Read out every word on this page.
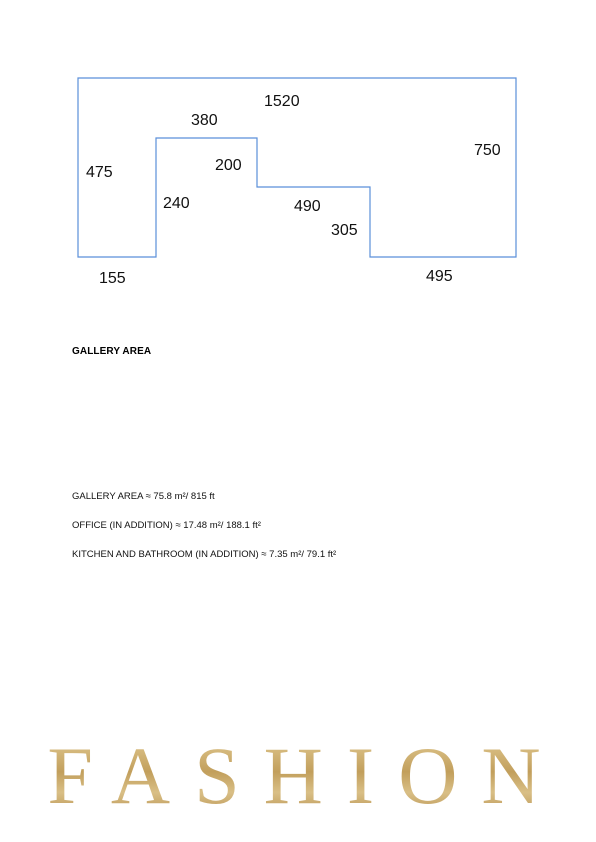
1520
380
475	200
750
240	490
305
155	495
GALLERY AREA
GALLERY AREA ≈ 75.8 m²/ 815 ft
OFFICE (IN ADDITION) ≈ 17.48 m²/ 188.1 ft²
KITCHEN AND BATHROOM (IN ADDITION) ≈ 7.35 m²/ 79.1 ft²
FASHION
